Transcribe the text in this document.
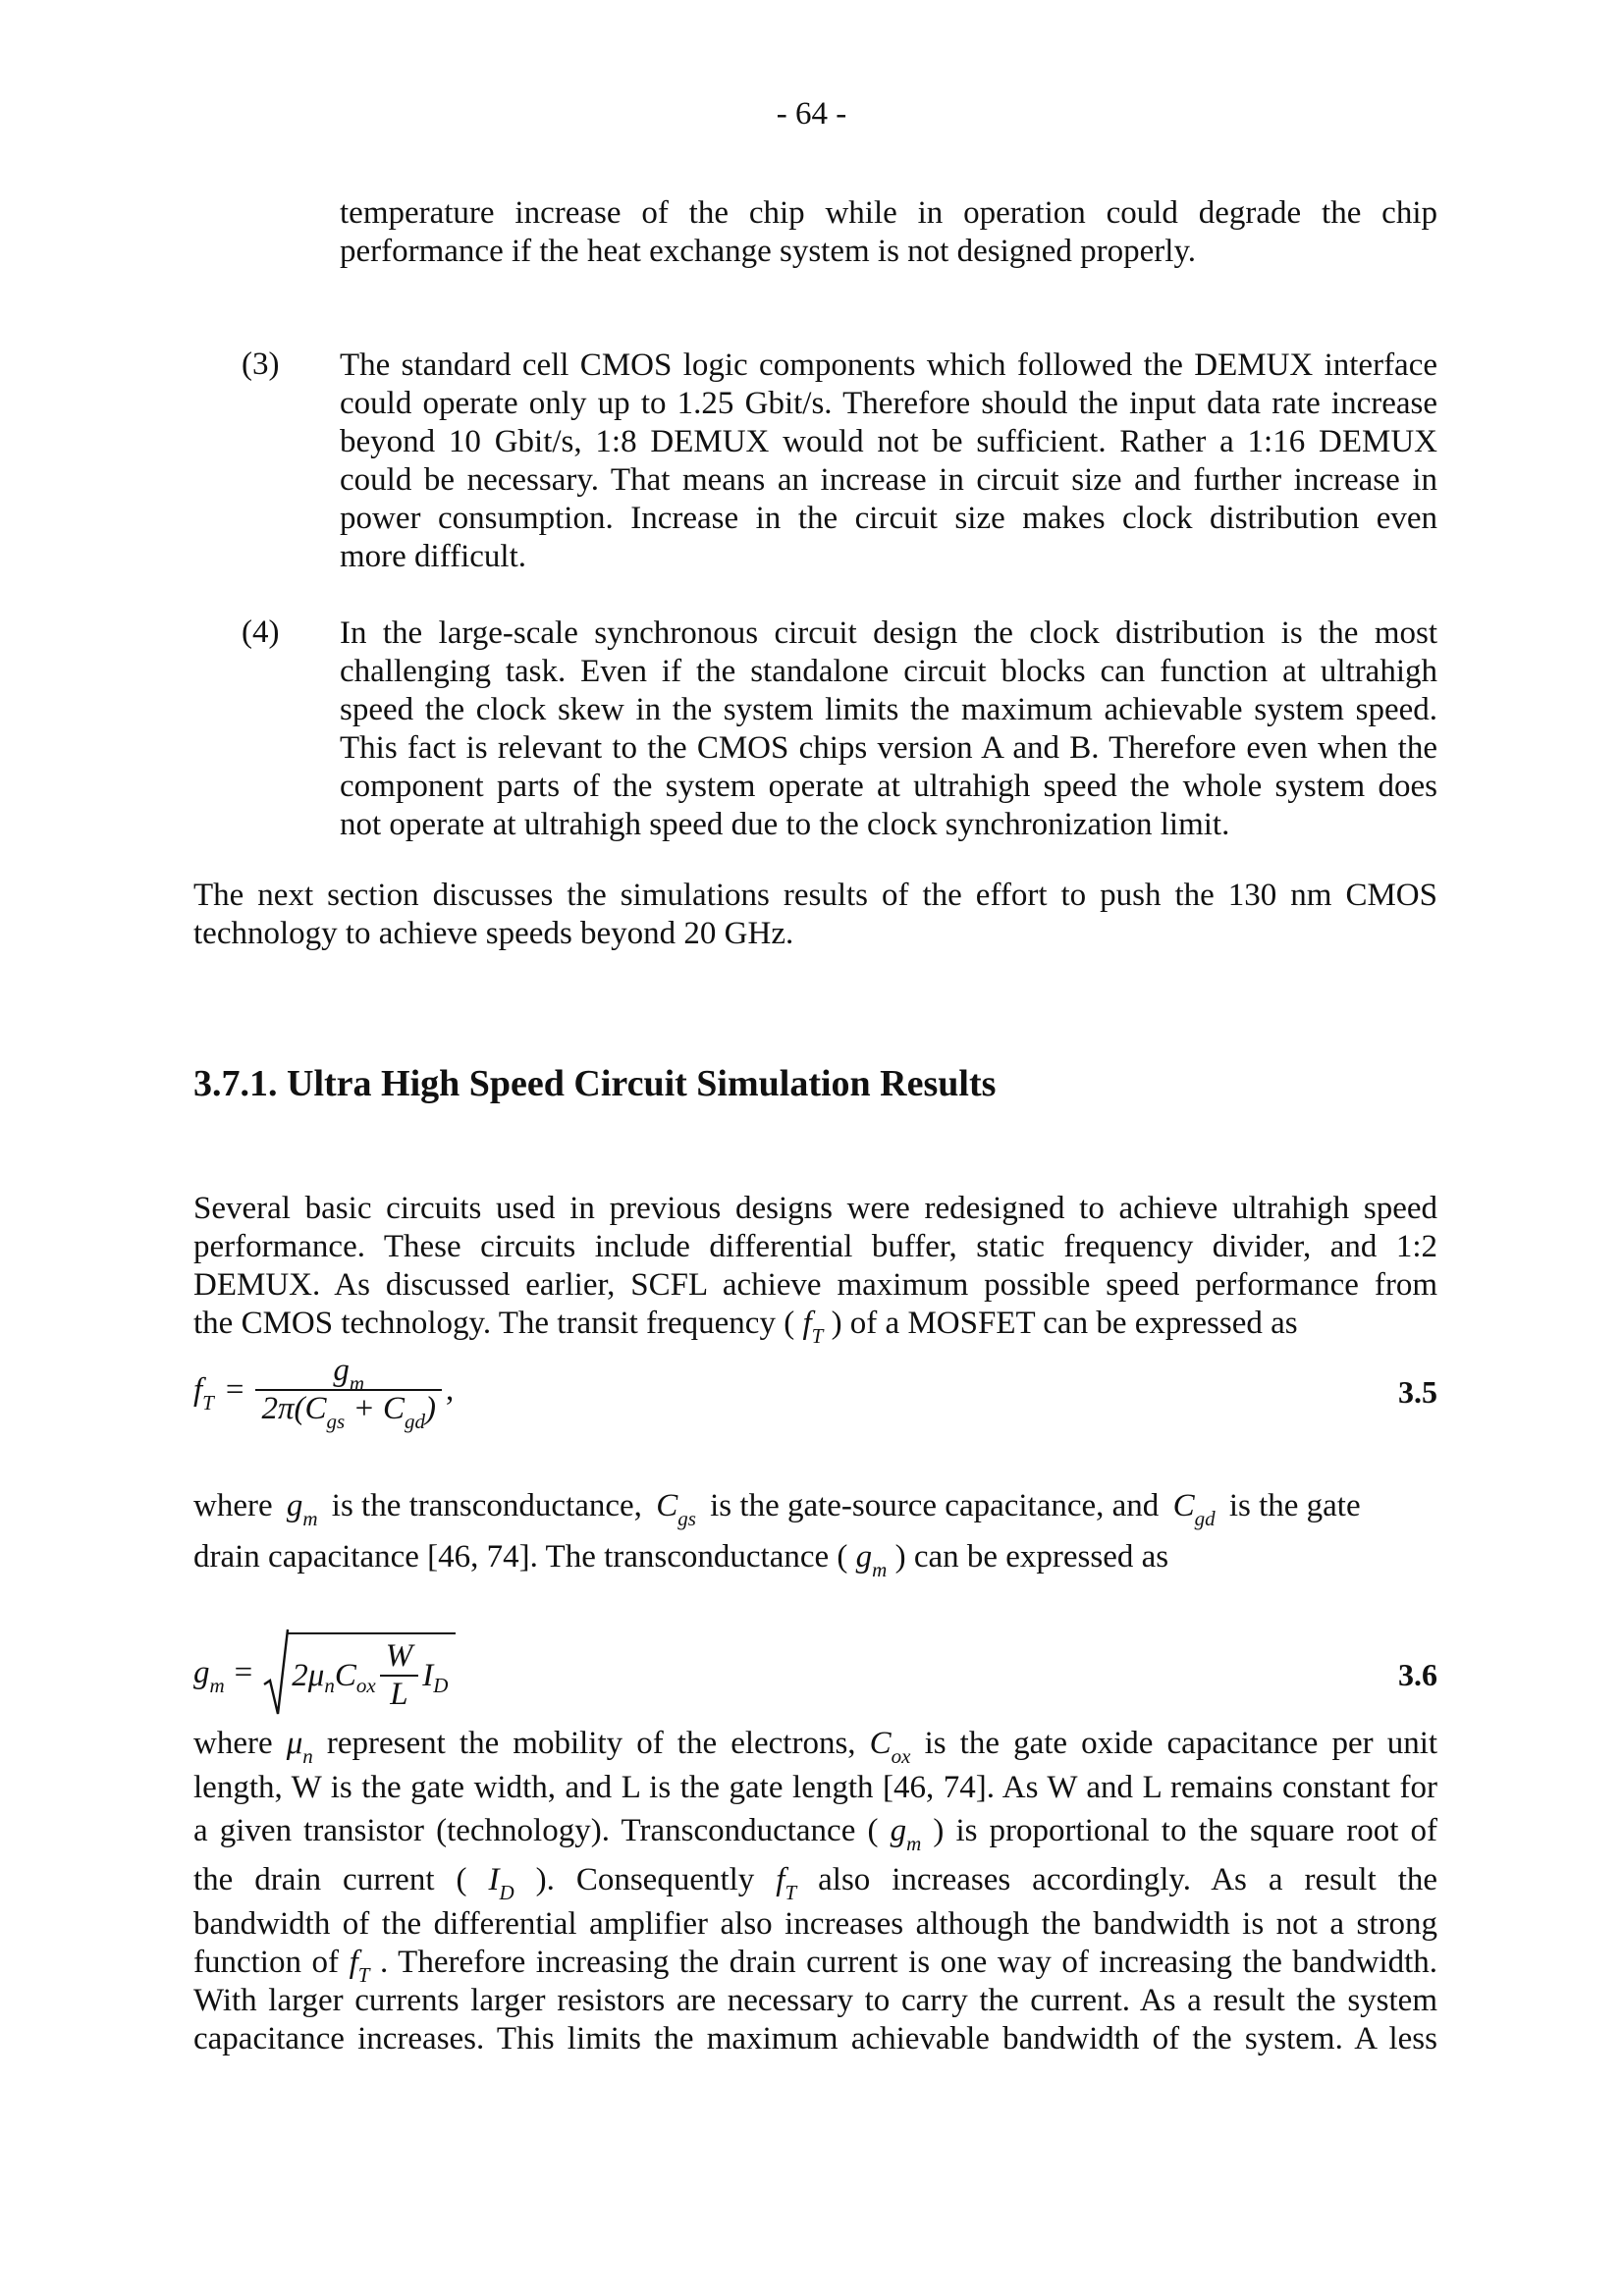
- 64 -
temperature increase of the chip while in operation could degrade the chip
performance if the heat exchange system is not designed properly.
(3) The standard cell CMOS logic components which followed the DEMUX interface
could operate only up to 1.25 Gbit/s. Therefore should the input data rate increase
beyond 10 Gbit/s, 1:8 DEMUX would not be sufficient. Rather a 1:16 DEMUX
could be necessary. That means an increase in circuit size and further increase in
power consumption. Increase in the circuit size makes clock distribution even
more difficult.
(4) In the large-scale synchronous circuit design the clock distribution is the most
challenging task. Even if the standalone circuit blocks can function at ultrahigh
speed the clock skew in the system limits the maximum achievable system speed.
This fact is relevant to the CMOS chips version A and B. Therefore even when the
component parts of the system operate at ultrahigh speed the whole system does
not operate at ultrahigh speed due to the clock synchronization limit.
The next section discusses the simulations results of the effort to push the 130 nm CMOS
technology to achieve speeds beyond 20 GHz.
3.7.1. Ultra High Speed Circuit Simulation Results
Several basic circuits used in previous designs were redesigned to achieve ultrahigh speed
performance. These circuits include differential buffer, static frequency divider, and 1:2
DEMUX. As discussed earlier, SCFL achieve maximum possible speed performance from
the CMOS technology. The transit frequency ( $f_T$ ) of a MOSFET can be expressed as
$f_T = \frac{g_m}{2\pi(C_{gs} + C_{gd})}$ ,	3.5
where $g_m$ is the transconductance, $C_{gs}$ is the gate-source capacitance, and $C_{gd}$ is the gate
drain capacitance [46, 74]. The transconductance ( $g_m$ ) can be expressed as
$g_m = 2\mu$ n C ox $\frac{W}{L}$ I D	3.6
where $\mu_n$ represent the mobility of the electrons, $C_{ox}$ is the gate oxide capacitance per unit
length, W is the gate width, and L is the gate length [46, 74]. As W and L remains constant for
a given transistor (technology). Transconductance ( $g_m$ ) is proportional to the square root of
the drain current ( $I_D$ ). Consequently $f_T$ also increases accordingly. As a result the
bandwidth of the differential amplifier also increases although the bandwidth is not a strong
function of $f_T$ . Therefore increasing the drain current is one way of increasing the bandwidth.
With larger currents larger resistors are necessary to carry the current. As a result the system
capacitance increases. This limits the maximum achievable bandwidth of the system. A less
